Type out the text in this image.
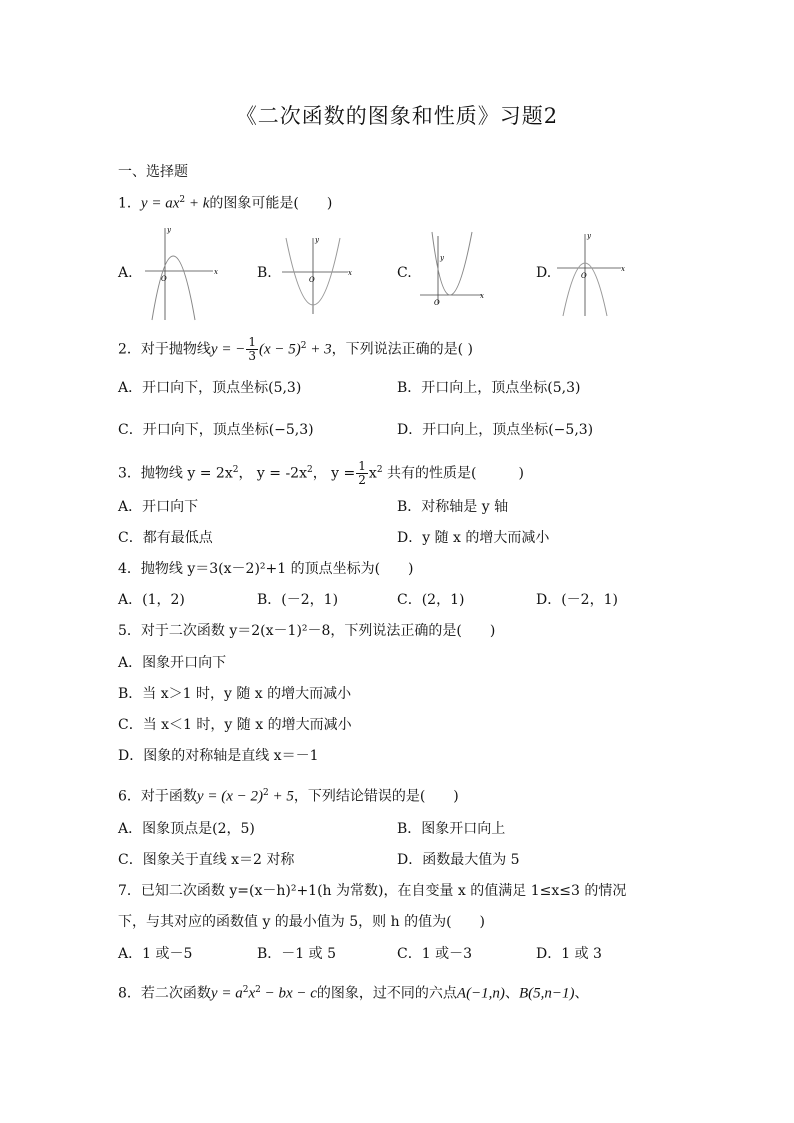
《二次函数的图象和性质》习题2
一、选择题
1．$y = ax^2 + k$的图象可能是(　　)
A.	B.	C.	D.
x
y
O
x
y
O
x
y
O
x
y
O
2．对于抛物线y = − $\frac{1}{3} (x - 5)^2 + 3$，下列说法正确的是( )
A．开口向下，顶点坐标(5,3)	B．开口向上，顶点坐标(5,3)
C．开口向下，顶点坐标(−5,3)	D．开口向上，顶点坐标(−5,3)
3．抛物线 $y = 2x^2$， $y = -2x^2$， $y = \frac{1}{2} x^2$ 共有的性质是(　　　)
A．开口向下	B．对称轴是 y 轴
C．都有最低点	D．y 随 x 的增大而减小
4．抛物线 y＝3(x－2)²+1 的顶点坐标为(　　)
A．(1，2)	B．(－2，1)	C．(2，1)	D．(－2，1)
5．对于二次函数 y＝2(x－1)²－8，下列说法正确的是(　　)
A．图象开口向下
B．当 x＞1 时，y 随 x 的增大而减小
C．当 x＜1 时，y 随 x 的增大而减小
D．图象的对称轴是直线 x＝－1
6．对于函数$y = (x - 2)^2 + 5$，下列结论错误的是(　　)
A．图象顶点是(2，5)	B．图象开口向上
C．图象关于直线 x＝2 对称	D．函数最大值为 5
7．已知二次函数 y=(x－h)²+1(h 为常数)，在自变量 x 的值满足 1≤x≤3 的情况
下，与其对应的函数值 y 的最小值为 5，则 h 的值为(　　)
A．1 或－5	B．－1 或 5	C．1 或－3	D．1 或 3
8．若二次函数$y = a^2x^2$ − bx − c的图象，过不同的六点A(−1,n)、B(5,n−1)、
